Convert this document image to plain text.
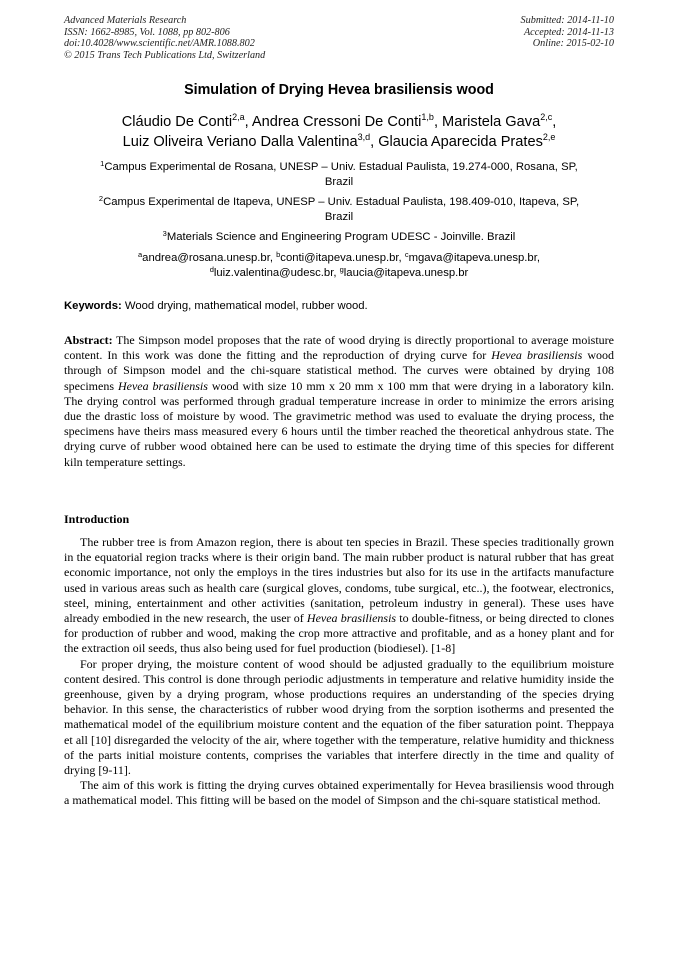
Advanced Materials Research
ISSN: 1662-8985, Vol. 1088, pp 802-806
doi:10.4028/www.scientific.net/AMR.1088.802
© 2015 Trans Tech Publications Ltd, Switzerland
Submitted: 2014-11-10
Accepted: 2014-11-13
Online: 2015-02-10
Simulation of Drying Hevea brasiliensis wood
Cláudio De Conti$^{2,a}$, Andrea Cressoni De Conti$^{1,b}$, Maristela Gava$^{2,c}$,
Luiz Oliveira Veriano Dalla Valentina$^{3,d}$, Glaucia Aparecida Prates$^{2,e}$
$^1$Campus Experimental de Rosana, UNESP – Univ. Estadual Paulista, 19.274-000, Rosana, SP,
Brazil
$^2$Campus Experimental de Itapeva, UNESP – Univ. Estadual Paulista, 198.409-010, Itapeva, SP,
Brazil
$^3$Materials Science and Engineering Program UDESC - Joinville. Brazil
$^a$andrea@rosana.unesp.br, $^b$conti@itapeva.unesp.br, $^c$mgava@itapeva.unesp.br,
$^d$luiz.valentina@udesc.br, $^g$laucia@itapeva.unesp.br
Keywords: Wood drying, mathematical model, rubber wood.

Abstract: The Simpson model proposes that the rate of wood drying is directly proportional to average moisture content. In this work was done the fitting and the reproduction of drying curve for Hevea brasiliensis wood through of Simpson model and the chi-square statistical method. The curves were obtained by drying 108 specimens Hevea brasiliensis wood with size 10 mm x 20 mm x 100 mm that were drying in a laboratory kiln. The drying control was performed through gradual temperature increase in order to minimize the errors arising due the drastic loss of moisture by wood. The gravimetric method was used to evaluate the drying process, the specimens have theirs mass measured every 6 hours until the timber reached the theoretical anhydrous state. The drying curve of rubber wood obtained here can be used to estimate the drying time of this species for different kiln temperature settings.

Introduction

The rubber tree is from Amazon region, there is about ten species in Brazil. These species traditionally grown in the equatorial region tracks where is their origin band. The main rubber product is natural rubber that has great economic importance, not only the employs in the tires industries but also for its use in the artifacts manufacture used in various areas such as health care (surgical gloves, condoms, tube surgical, etc..), the footwear, electronics, steel, mining, entertainment and other activities (sanitation, petroleum industry in general). These uses have already embodied in the new research, the user of Hevea brasiliensis to double-fitness, or being directed to clones for production of rubber and wood, making the crop more attractive and profitable, and as a honey plant and for the extraction oil seeds, thus also being used for fuel production (biodiesel). [1-8]

For proper drying, the moisture content of wood should be adjusted gradually to the equilibrium moisture content desired. This control is done through periodic adjustments in temperature and relative humidity inside the greenhouse, given by a drying program, whose productions requires an understanding of the species drying behavior. In this sense, the characteristics of rubber wood drying from the sorption isotherms and presented the mathematical model of the equilibrium moisture content and the equation of the fiber saturation point. Theppaya et all [10] disregarded the velocity of the air, where together with the temperature, relative humidity and thickness of the parts initial moisture contents, comprises the variables that interfere directly in the time and quality of drying [9-11].

The aim of this work is fitting the drying curves obtained experimentally for Hevea brasiliensis wood through a mathematical model. This fitting will be based on the model of Simpson and the chi-square statistical method.
